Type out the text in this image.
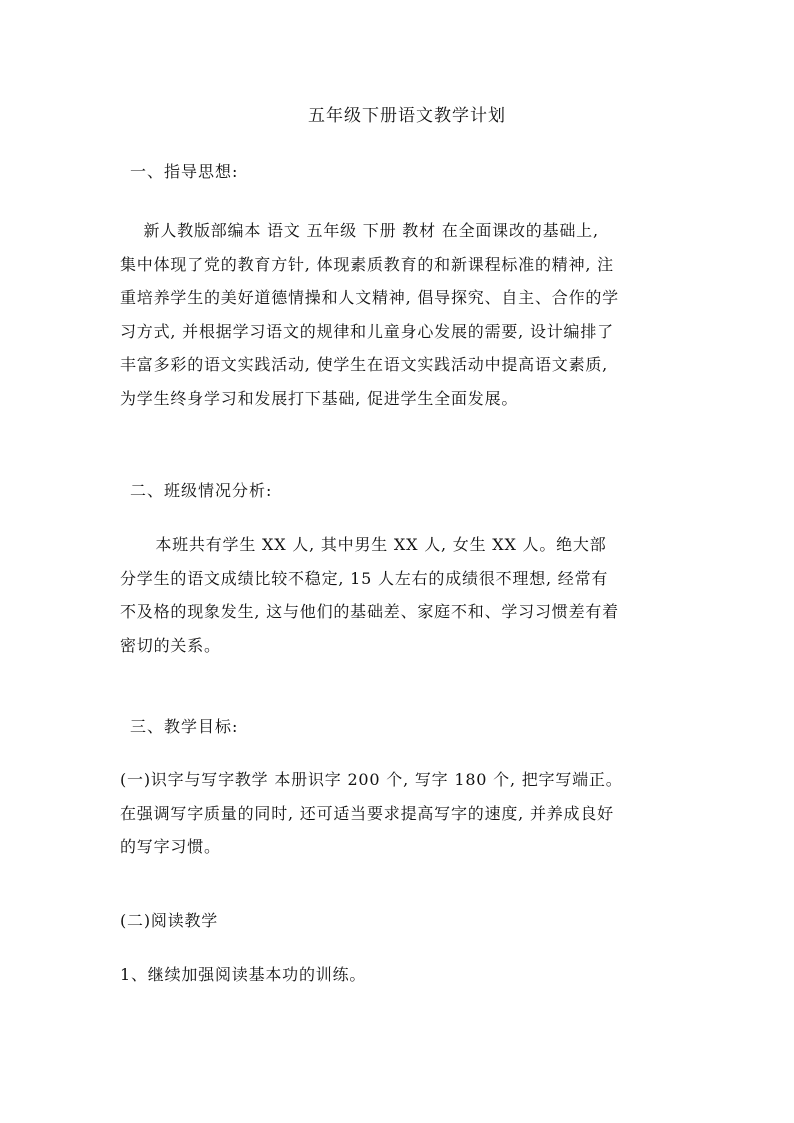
五年级下册语文教学计划
一、指导思想:
新人教版部编本 语文 五年级 下册 教材 在全面课改的基础上,
集中体现了党的教育方针, 体现素质教育的和新课程标准的精神, 注
重培养学生的美好道德情操和人文精神, 倡导探究、自主、合作的学
习方式, 并根据学习语文的规律和儿童身心发展的需要, 设计编排了
丰富多彩的语文实践活动, 使学生在语文实践活动中提高语文素质,
为学生终身学习和发展打下基础, 促进学生全面发展。
二、班级情况分析:
本班共有学生 XX 人, 其中男生 XX 人, 女生 XX 人。绝大部
分学生的语文成绩比较不稳定, 15 人左右的成绩很不理想, 经常有
不及格的现象发生, 这与他们的基础差、家庭不和、学习习惯差有着
密切的关系。
三、教学目标:
(一)识字与写字教学 本册识字 200 个, 写字 180 个, 把字写端正。
在强调写字质量的同时, 还可适当要求提高写字的速度, 并养成良好
的写字习惯。
(二)阅读教学
1、继续加强阅读基本功的训练。
